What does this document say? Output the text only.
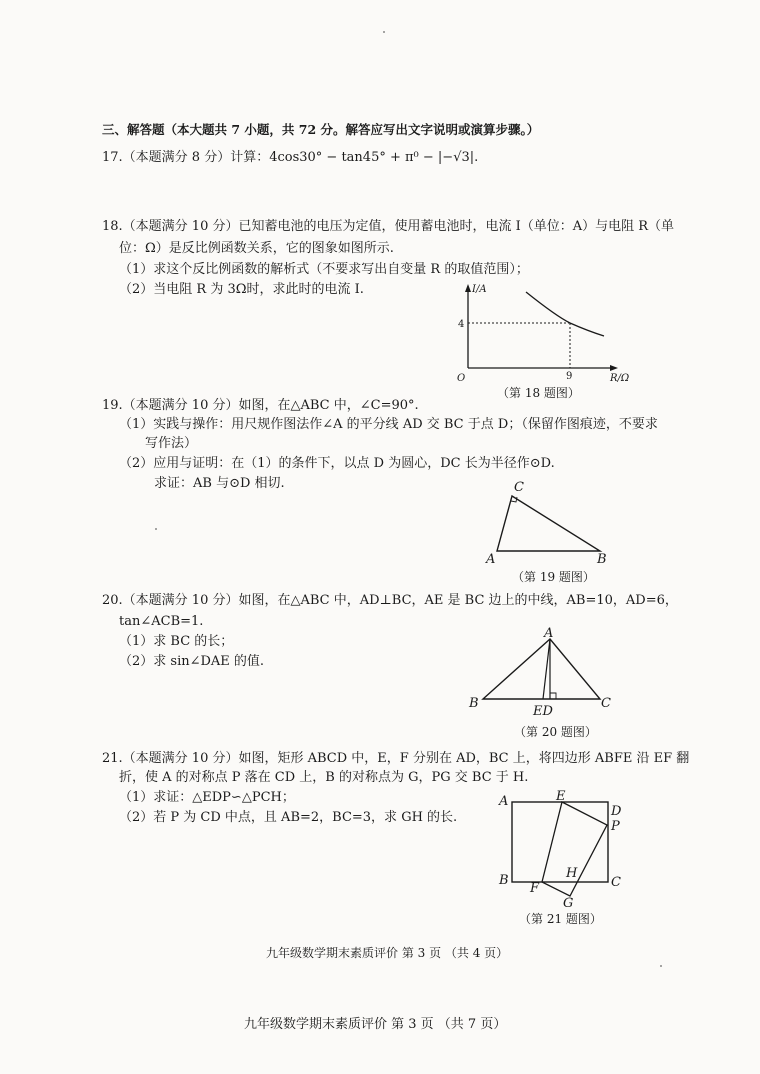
三、解答题（本大题共 7 小题，共 72 分。解答应写出文字说明或演算步骤。）
17.（本题满分 8 分）计算：4cos30° − tan45° + π⁰ − |−√3|.
18.（本题满分 10 分）已知蓄电池的电压为定值，使用蓄电池时，电流 I（单位：A）与电阻 R（单
位：Ω）是反比例函数关系，它的图象如图所示.
（1）求这个反比例函数的解析式（不要求写出自变量 R 的取值范围）；
（2）当电阻 R 为 3Ω时，求此时的电流 I.	I/A
R/Ω
O
4
9
（第 18 题图）
19.（本题满分 10 分）如图，在△ABC 中，∠C=90°.
（1）实践与操作：用尺规作图法作∠A 的平分线 AD 交 BC 于点 D；（保留作图痕迹，不要求
写作法）
（2）应用与证明：在（1）的条件下，以点 D 为圆心，DC 长为半径作⊙D.
求证：AB 与⊙D 相切.	C
A	B
（第 19 题图）
20.（本题满分 10 分）如图，在△ABC 中，AD⊥BC，AE 是 BC 边上的中线，AB=10，AD=6，
tan∠ACB=1.
（1）求 BC 的长；
（2）求 sin∠DAE 的值.
A
B	C
ED
（第 20 题图）
21.（本题满分 10 分）如图，矩形 ABCD 中，E，F 分别在 AD，BC 上，将四边形 ABFE 沿 EF 翻
折，使 A 的对称点 P 落在 CD 上，B 的对称点为 G，PG 交 BC 于 H.
（1）求证：△EDP∽△PCH；
（2）若 P 为 CD 中点，且 AB=2，BC=3，求 GH 的长.
A	E
D
P
B
F
H
C
G
（第 21 题图）
九年级数学期末素质评价 第 3 页 （共 4 页）
九年级数学期末素质评价 第 3 页 （共 7 页）
